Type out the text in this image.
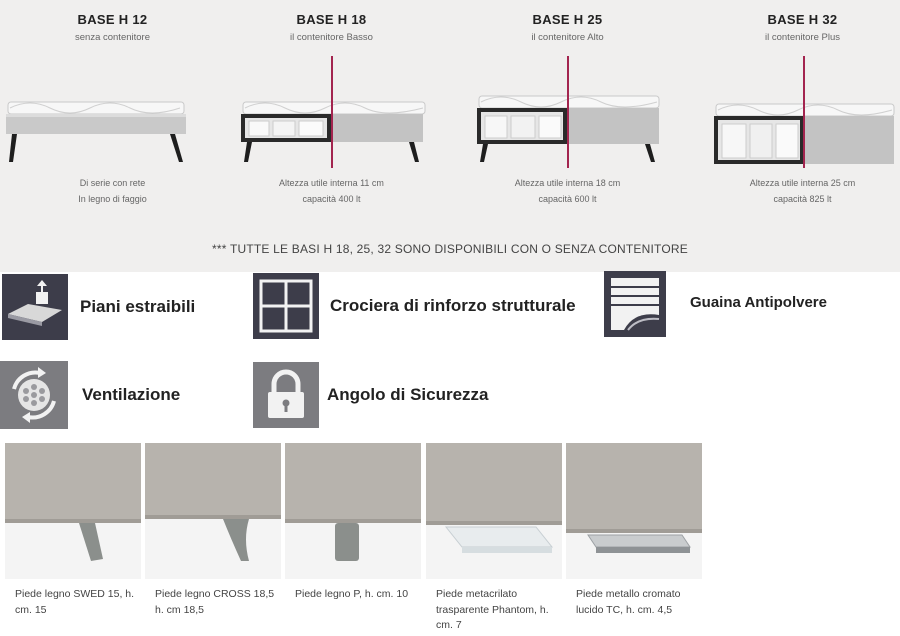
BASE H 12
senza contenitore
Di serie con rete
In legno di faggio
BASE H 18
il contenitore Basso
Altezza utile interna 11 cm
capacità 400 lt
BASE H 25
il contenitore Alto
Altezza utile interna 18 cm
capacità 600 lt
BASE H 32
il contenitore Plus
Altezza utile interna 25 cm
capacità 825 lt
*** TUTTE LE BASI H 18, 25, 32 SONO DISPONIBILI CON O SENZA CONTENITORE
Piani estraibili	Crociera di rinforzo strutturale	Guaina Antipolvere
Ventilazione	Angolo di Sicurezza
Piede legno SWED 15, h. cm. 15
Piede legno CROSS 18,5 h. cm 18,5
Piede legno P, h. cm. 10	Piede metacrilato trasparente Phantom, h. cm. 7
Piede metallo cromato lucido TC, h. cm. 4,5
